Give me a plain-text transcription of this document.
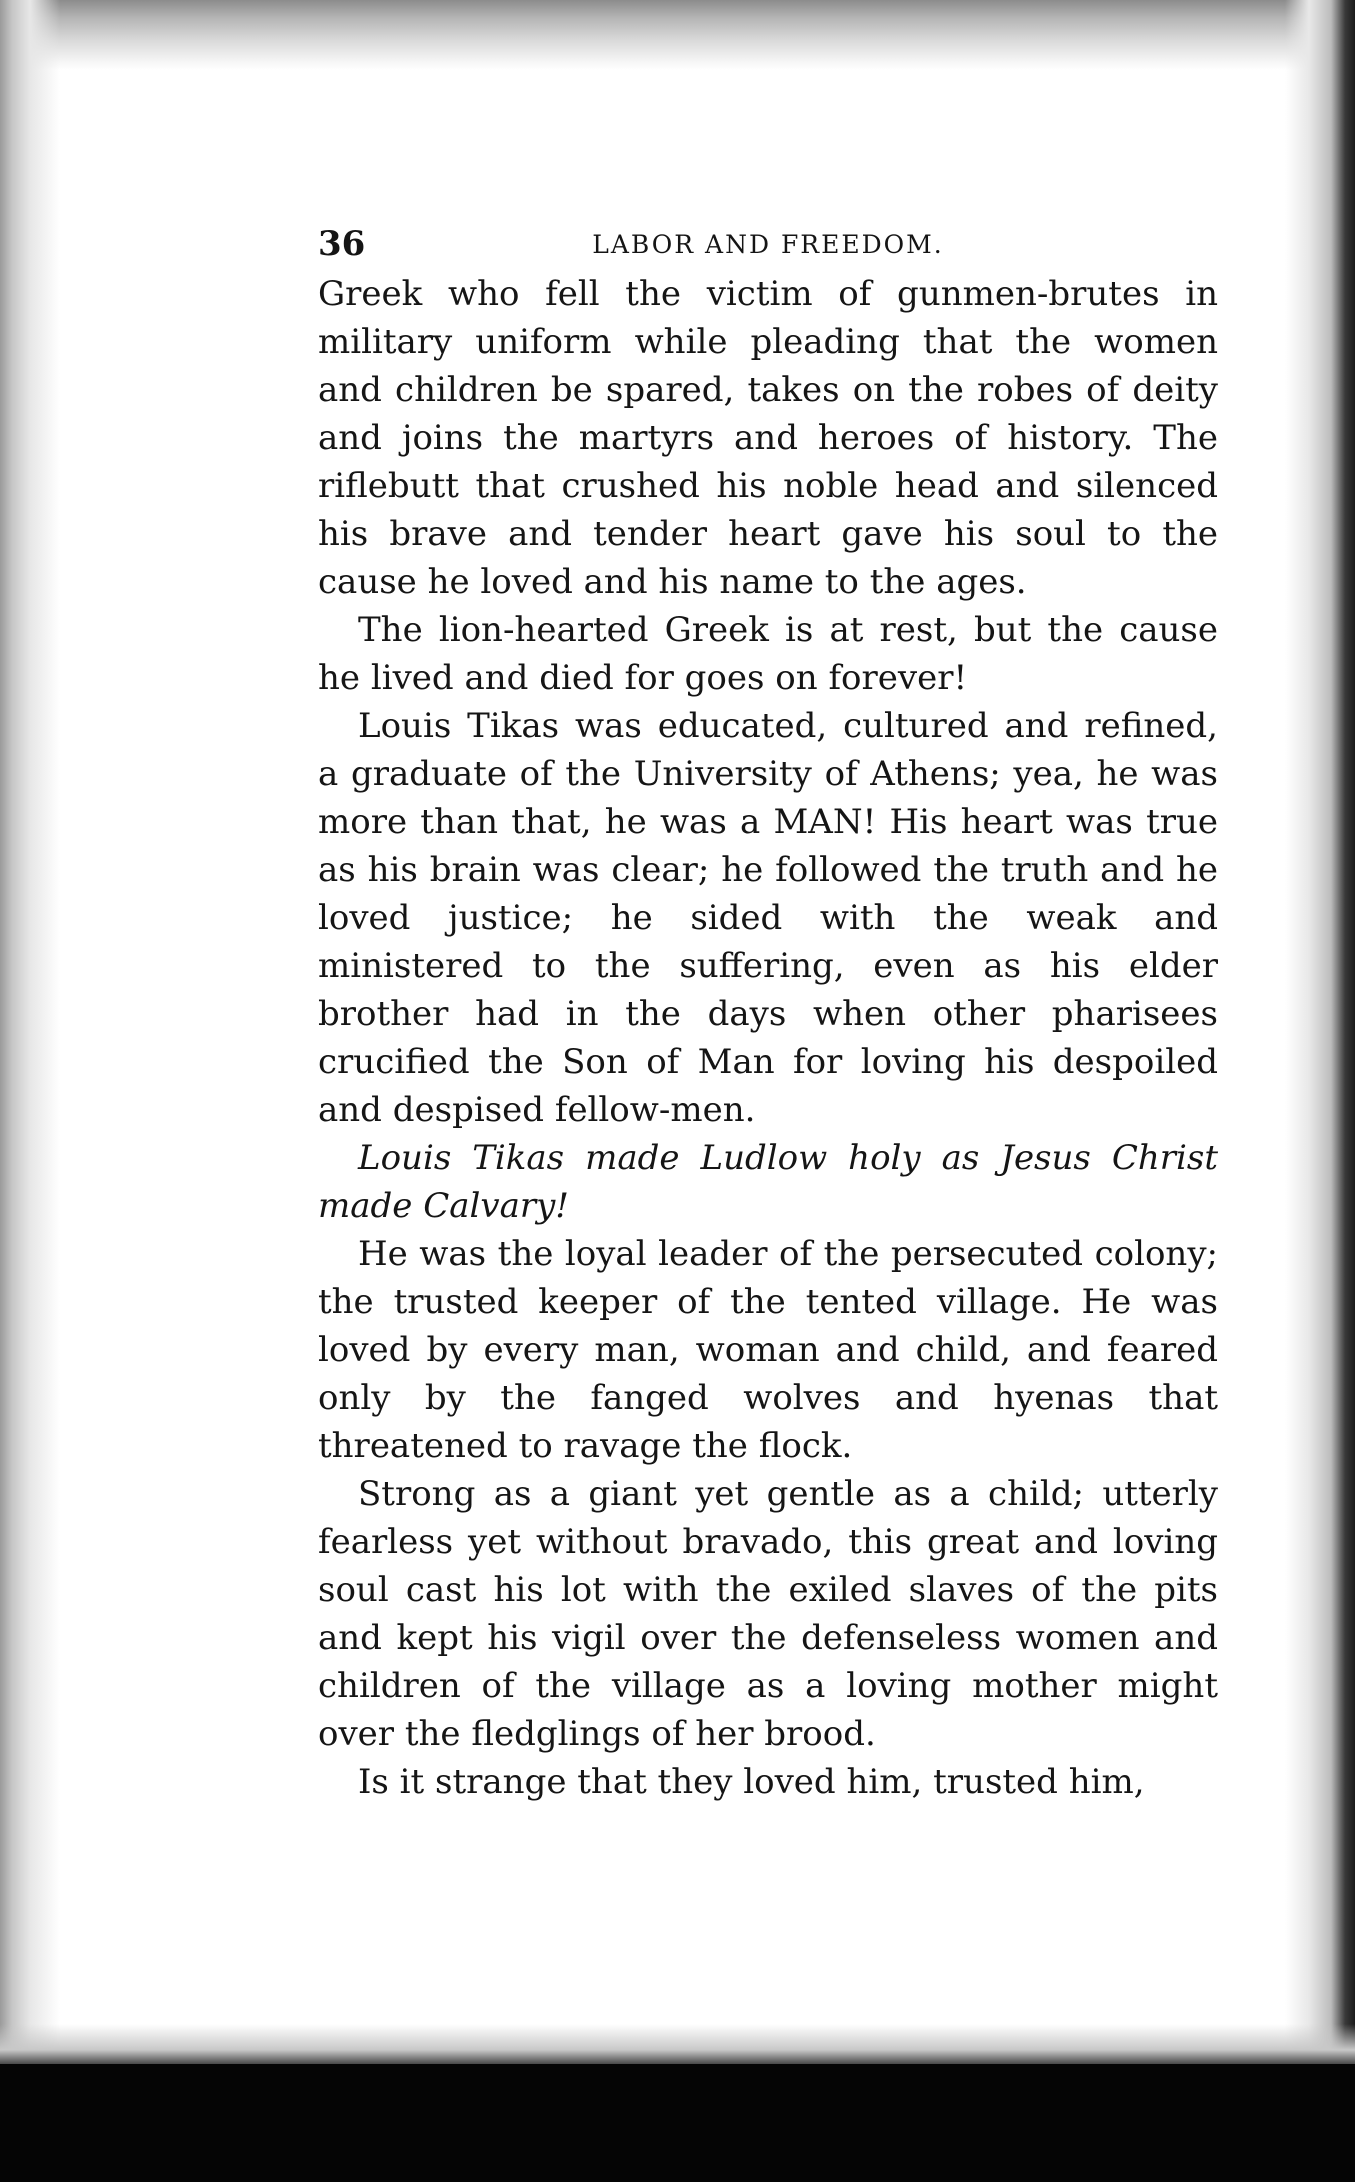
36	LABOR AND FREEDOM.

Greek who fell the victim of gunmen-brutes in military uniform while pleading that the women and children be spared, takes on the robes of deity and joins the martyrs and heroes of history. The riflebutt that crushed his noble head and silenced his brave and tender heart gave his soul to the cause he loved and his name to the ages.

The lion-hearted Greek is at rest, but the cause he lived and died for goes on forever!

Louis Tikas was educated, cultured and refined, a graduate of the University of Athens; yea, he was more than that, he was a MAN! His heart was true as his brain was clear; he followed the truth and he loved justice; he sided with the weak and ministered to the suffering, even as his elder brother had in the days when other pharisees crucified the Son of Man for loving his despoiled and despised fellow-men.

Louis Tikas made Ludlow holy as Jesus Christ made Calvary!

He was the loyal leader of the persecuted colony; the trusted keeper of the tented village. He was loved by every man, woman and child, and feared only by the fanged wolves and hyenas that threatened to ravage the flock.

Strong as a giant yet gentle as a child; utterly fearless yet without bravado, this great and loving soul cast his lot with the exiled slaves of the pits and kept his vigil over the defenseless women and children of the village as a loving mother might over the fledglings of her brood.

Is it strange that they loved him, trusted him,
